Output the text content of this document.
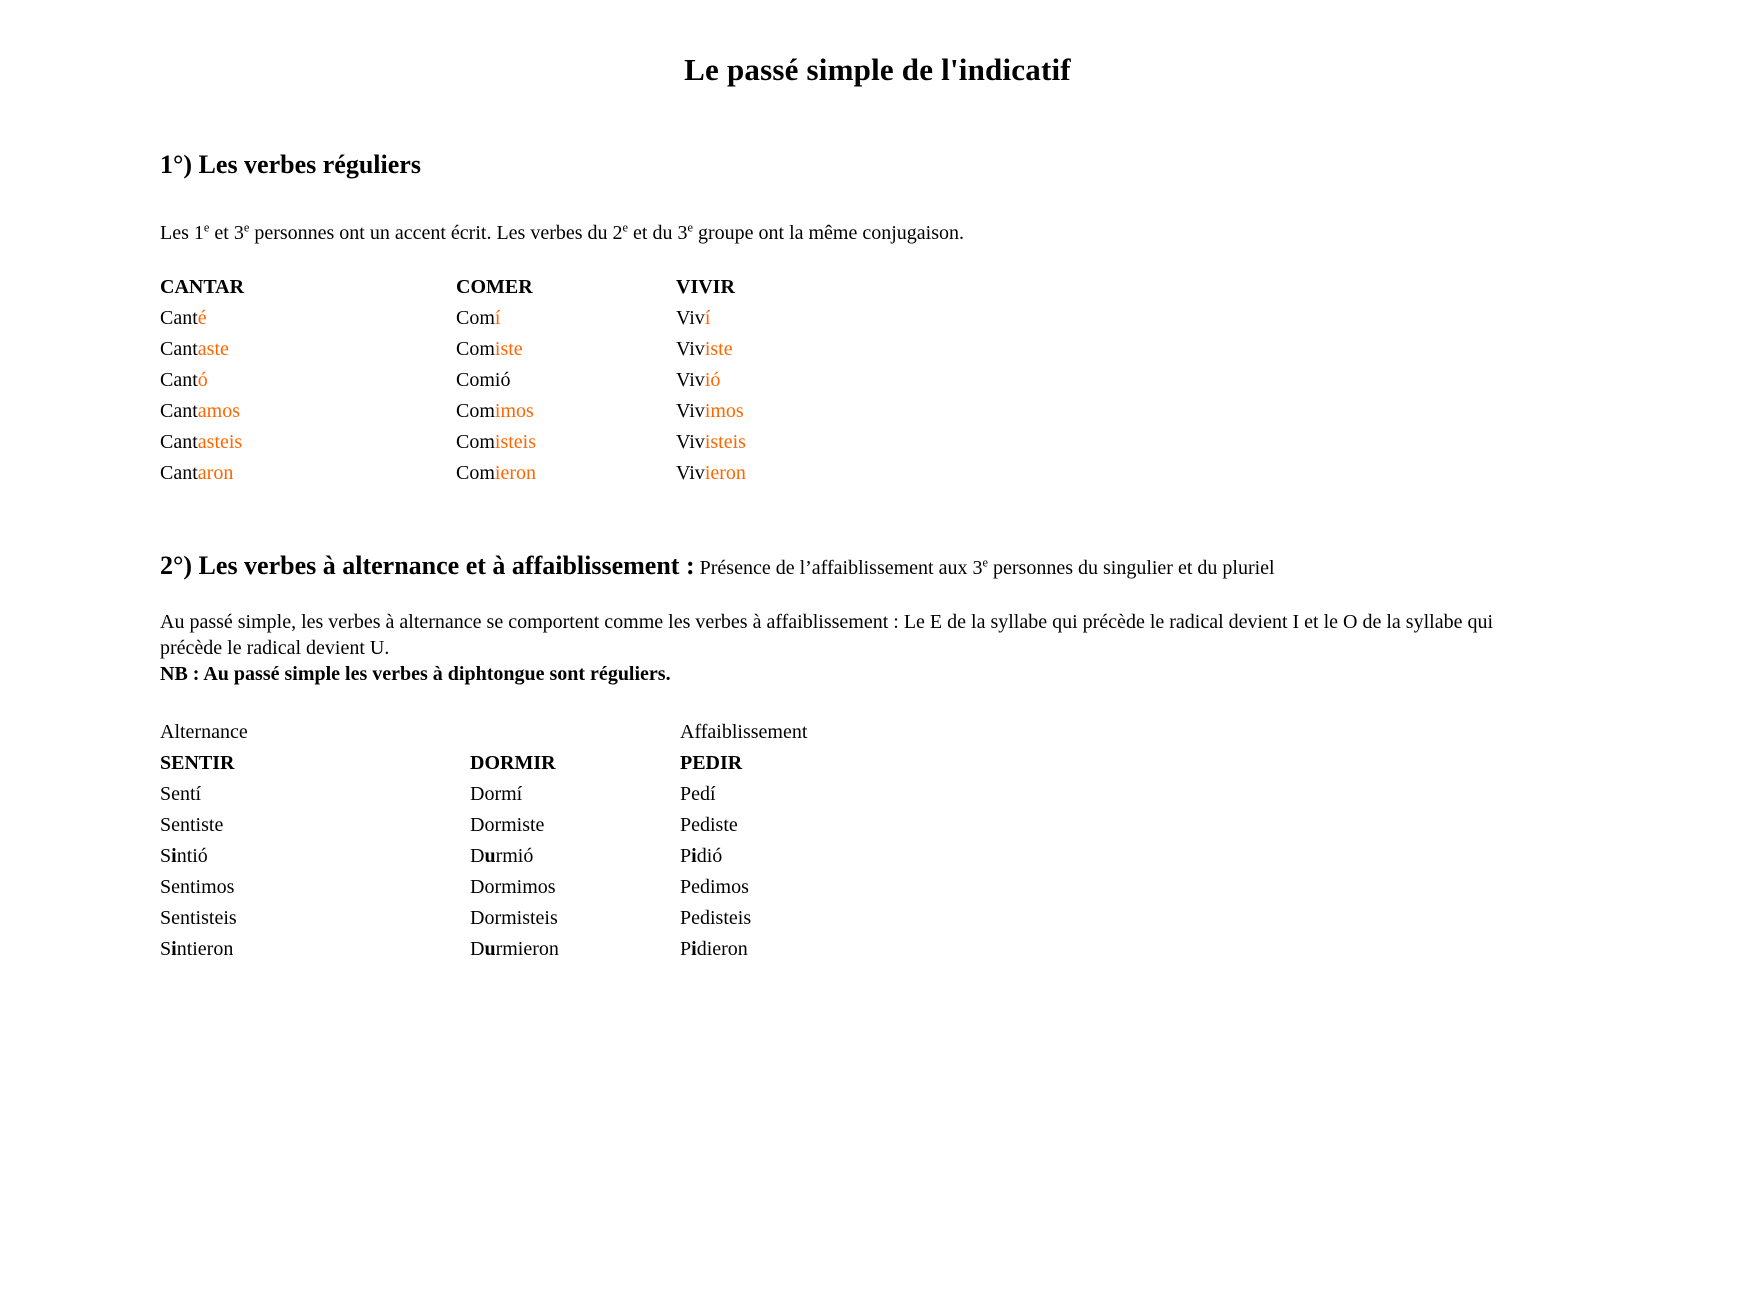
Le passé simple de l'indicatif
1°) Les verbes réguliers

Les 1e et 3e personnes ont un accent écrit. Les verbes du 2e et du 3e groupe ont la même conjugaison.

CANTAR
Canté
Cantaste
Cantó
Cantamos
Cantasteis
Cantaron
COMER
Comí
Comiste
Comió
Comimos
Comisteis
Comieron
VIVIR
Viví
Viviste
Vivió
Vivimos
Vivisteis
Vivieron
2°) Les verbes à alternance et à affaiblissement : Présence de l’affaiblissement aux 3e personnes du singulier et du pluriel

Au passé simple, les verbes à alternance se comportent comme les verbes à affaiblissement : Le E de la syllabe qui précède le radical devient I et le O de la syllabe qui précède le radical devient U.

NB : Au passé simple les verbes à diphtongue sont réguliers.

Alternance	Affaiblissement
SENTIR
Sentí
Sentiste
Sintió
Sentimos
Sentisteis
Sintieron
DORMIR
Dormí
Dormiste
Durmió
Dormimos
Dormisteis
Durmieron
PEDIR
Pedí
Pediste
Pidió
Pedimos
Pedisteis
Pidieron
